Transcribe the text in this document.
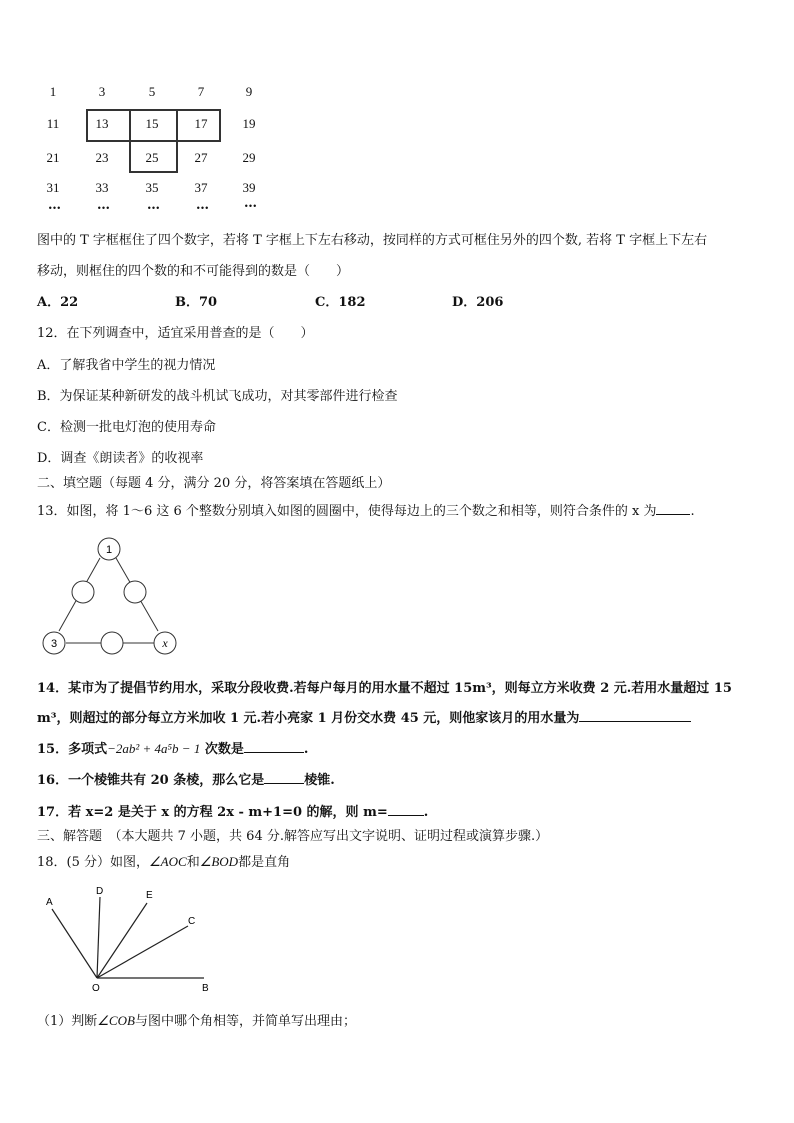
1	3	5	7	9
11	13	15	17	19
21	23	25	27	29
31	33	35	37	39
…	…	…	…	…
图中的 T 字框框住了四个数字，若将 T 字框上下左右移动，按同样的方式可框住另外的四个数, 若将 T 字框上下左右
移动，则框住的四个数的和不可能得到的数是（　　）
A．22	B．70	C．182	D．206
12．在下列调查中，适宜采用普查的是（　　）
A．了解我省中学生的视力情况
B．为保证某种新研发的战斗机试飞成功，对其零部件进行检查
C．检测一批电灯泡的使用寿命
D．调查《朗读者》的收视率
二、填空题（每题 4 分，满分 20 分，将答案填在答题纸上）
13．如图，将 1～6 这 6 个整数分别填入如图的圆圈中，使得每边上的三个数之和相等，则符合条件的 x 为	.
1
3	x
14．某市为了提倡节约用水，采取分段收费.若每户每月的用水量不超过 15m³，则每立方米收费 2 元.若用水量超过 15
m³，则超过的部分每立方米加收 1 元.若小亮家 1 月份交水费 45 元，则他家该月的用水量为
15．多项式−2ab² + 4a⁵b − 1 次数是	.
16．一个棱锥共有 20 条棱，那么它是	棱锥.
17．若 x=2 是关于 x 的方程 2x - m+1=0 的解，则 m=	.
三、解答题　（本大题共 7 小题，共 64 分.解答应写出文字说明、证明过程或演算步骤.）
18．(5 分）如图，∠AOC和∠BOD都是直角
A
D	E
C
O	B
（1）判断∠COB与图中哪个角相等，并简单写出理由；
